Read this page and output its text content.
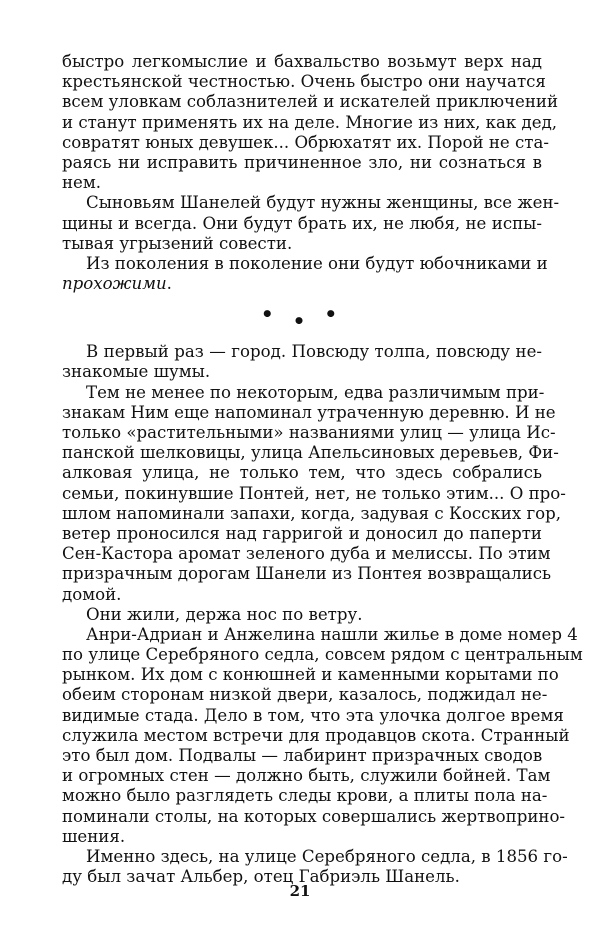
быстро легкомыслие и бахвальство возьмут верх над
крестьянской честностью. Очень быстро они научатся
всем уловкам соблазнителей и искателей приключений
и станут применять их на деле. Многие из них, как дед,
совратят юных девушек... Обрюхатят их. Порой не ста-
раясь ни исправить причиненное зло, ни сознаться в
нем.
Сыновьям Шанелей будут нужны женщины, все жен-
щины и всегда. Они будут брать их, не любя, не испы-
тывая угрызений совести.
Из поколения в поколение они будут юбочниками и
прохожими.
• • •
В первый раз — город. Повсюду толпа, повсюду не-
знакомые шумы.
Тем не менее по некоторым, едва различимым при-
знакам Ним еще напоминал утраченную деревню. И не
только «растительными» названиями улиц — улица Ис-
панской шелковицы, улица Апельсиновых деревьев, Фи-
алковая улица, не только тем, что здесь собрались
семьи, покинувшие Понтей, нет, не только этим... О про-
шлом напоминали запахи, когда, задувая с Косских гор,
ветер проносился над гарригой и доносил до паперти
Сен-Кастора аромат зеленого дуба и мелиссы. По этим
призрачным дорогам Шанели из Понтея возвращались
домой.
Они жили, держа нос по ветру.
Анри-Адриан и Анжелина нашли жилье в доме номер 4
по улице Серебряного седла, совсем рядом с центральным
рынком. Их дом с конюшней и каменными корытами по
обеим сторонам низкой двери, казалось, поджидал не-
видимые стада. Дело в том, что эта улочка долгое время
служила местом встречи для продавцов скота. Странный
это был дом. Подвалы — лабиринт призрачных сводов
и огромных стен — должно быть, служили бойней. Там
можно было разглядеть следы крови, а плиты пола на-
поминали столы, на которых совершались жертвоприно-
шения.
Именно здесь, на улице Серебряного седла, в 1856 го-
ду был зачат Альбер, отец Габриэль Шанель.
21
